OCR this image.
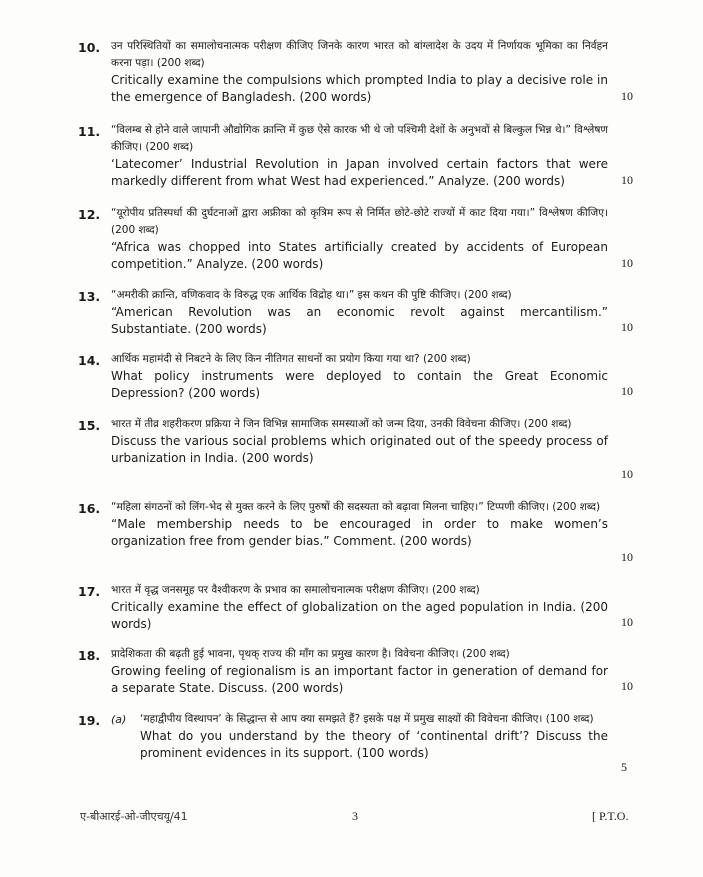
10. उन परिस्थितियों का समालोचनात्मक परीक्षण कीजिए जिनके कारण भारत को बांग्लादेश के उदय में निर्णायक भूमिका का निर्वहन करना पड़ा। (200 शब्द)

Critically examine the compulsions which prompted India to play a decisive role in the emergence of Bangladesh. (200 words)	10
11. “विलम्ब से होने वाले जापानी औद्योगिक क्रान्ति में कुछ ऐसे कारक भी थे जो पश्चिमी देशों के अनुभवों से बिल्कुल भिन्न थे।” विश्लेषण कीजिए। (200 शब्द)

‘Latecomer’ Industrial Revolution in Japan involved certain factors that were markedly different from what West had experienced.” Analyze. (200 words)	10
12. “यूरोपीय प्रतिस्पर्धा की दुर्घटनाओं द्वारा अफ्रीका को कृत्रिम रूप से निर्मित छोटे-छोटे राज्यों में काट दिया गया।” विश्लेषण कीजिए। (200 शब्द)

“Africa was chopped into States artificially created by accidents of European competition.” Analyze. (200 words)	10
13. “अमरीकी क्रान्ति, वणिकवाद के विरुद्ध एक आर्थिक विद्रोह था।” इस कथन की पुष्टि कीजिए। (200 शब्द)

“American Revolution was an economic revolt against mercantilism.” Substantiate. (200 words)	10
14. आर्थिक महामंदी से निबटने के लिए किन नीतिगत साधनों का प्रयोग किया गया था? (200 शब्द)

What policy instruments were deployed to contain the Great Economic Depression? (200 words)	10
15. भारत में तीव्र शहरीकरण प्रक्रिया ने जिन विभिन्न सामाजिक समस्याओं को जन्म दिया, उनकी विवेचना कीजिए। (200 शब्द)

Discuss the various social problems which originated out of the speedy process of urbanization in India. (200 words)

10
16. “महिला संगठनों को लिंग-भेद से मुक्त करने के लिए पुरुषों की सदस्यता को बढ़ावा मिलना चाहिए।” टिप्पणी कीजिए। (200 शब्द)

“Male membership needs to be encouraged in order to make women’s organization free from gender bias.” Comment. (200 words)

10
17. भारत में वृद्ध जनसमूह पर वैश्वीकरण के प्रभाव का समालोचनात्मक परीक्षण कीजिए। (200 शब्द)

Critically examine the effect of globalization on the aged population in India. (200 words)	10
18. प्रादेशिकता की बढ़ती हुई भावना, पृथक् राज्य की माँग का प्रमुख कारण है। विवेचना कीजिए। (200 शब्द)

Growing feeling of regionalism is an important factor in generation of demand for a separate State. Discuss. (200 words)	10
19. (a) ‘महाद्वीपीय विस्थापन’ के सिद्धान्त से आप क्या समझते हैं? इसके पक्ष में प्रमुख साक्ष्यों की विवेचना कीजिए। (100 शब्द)

What do you understand by the theory of ‘continental drift’? Discuss the prominent evidences in its support. (100 words)

5
ए-बीआरई-ओ-जीएचयू/41	3	[ P.T.O.
